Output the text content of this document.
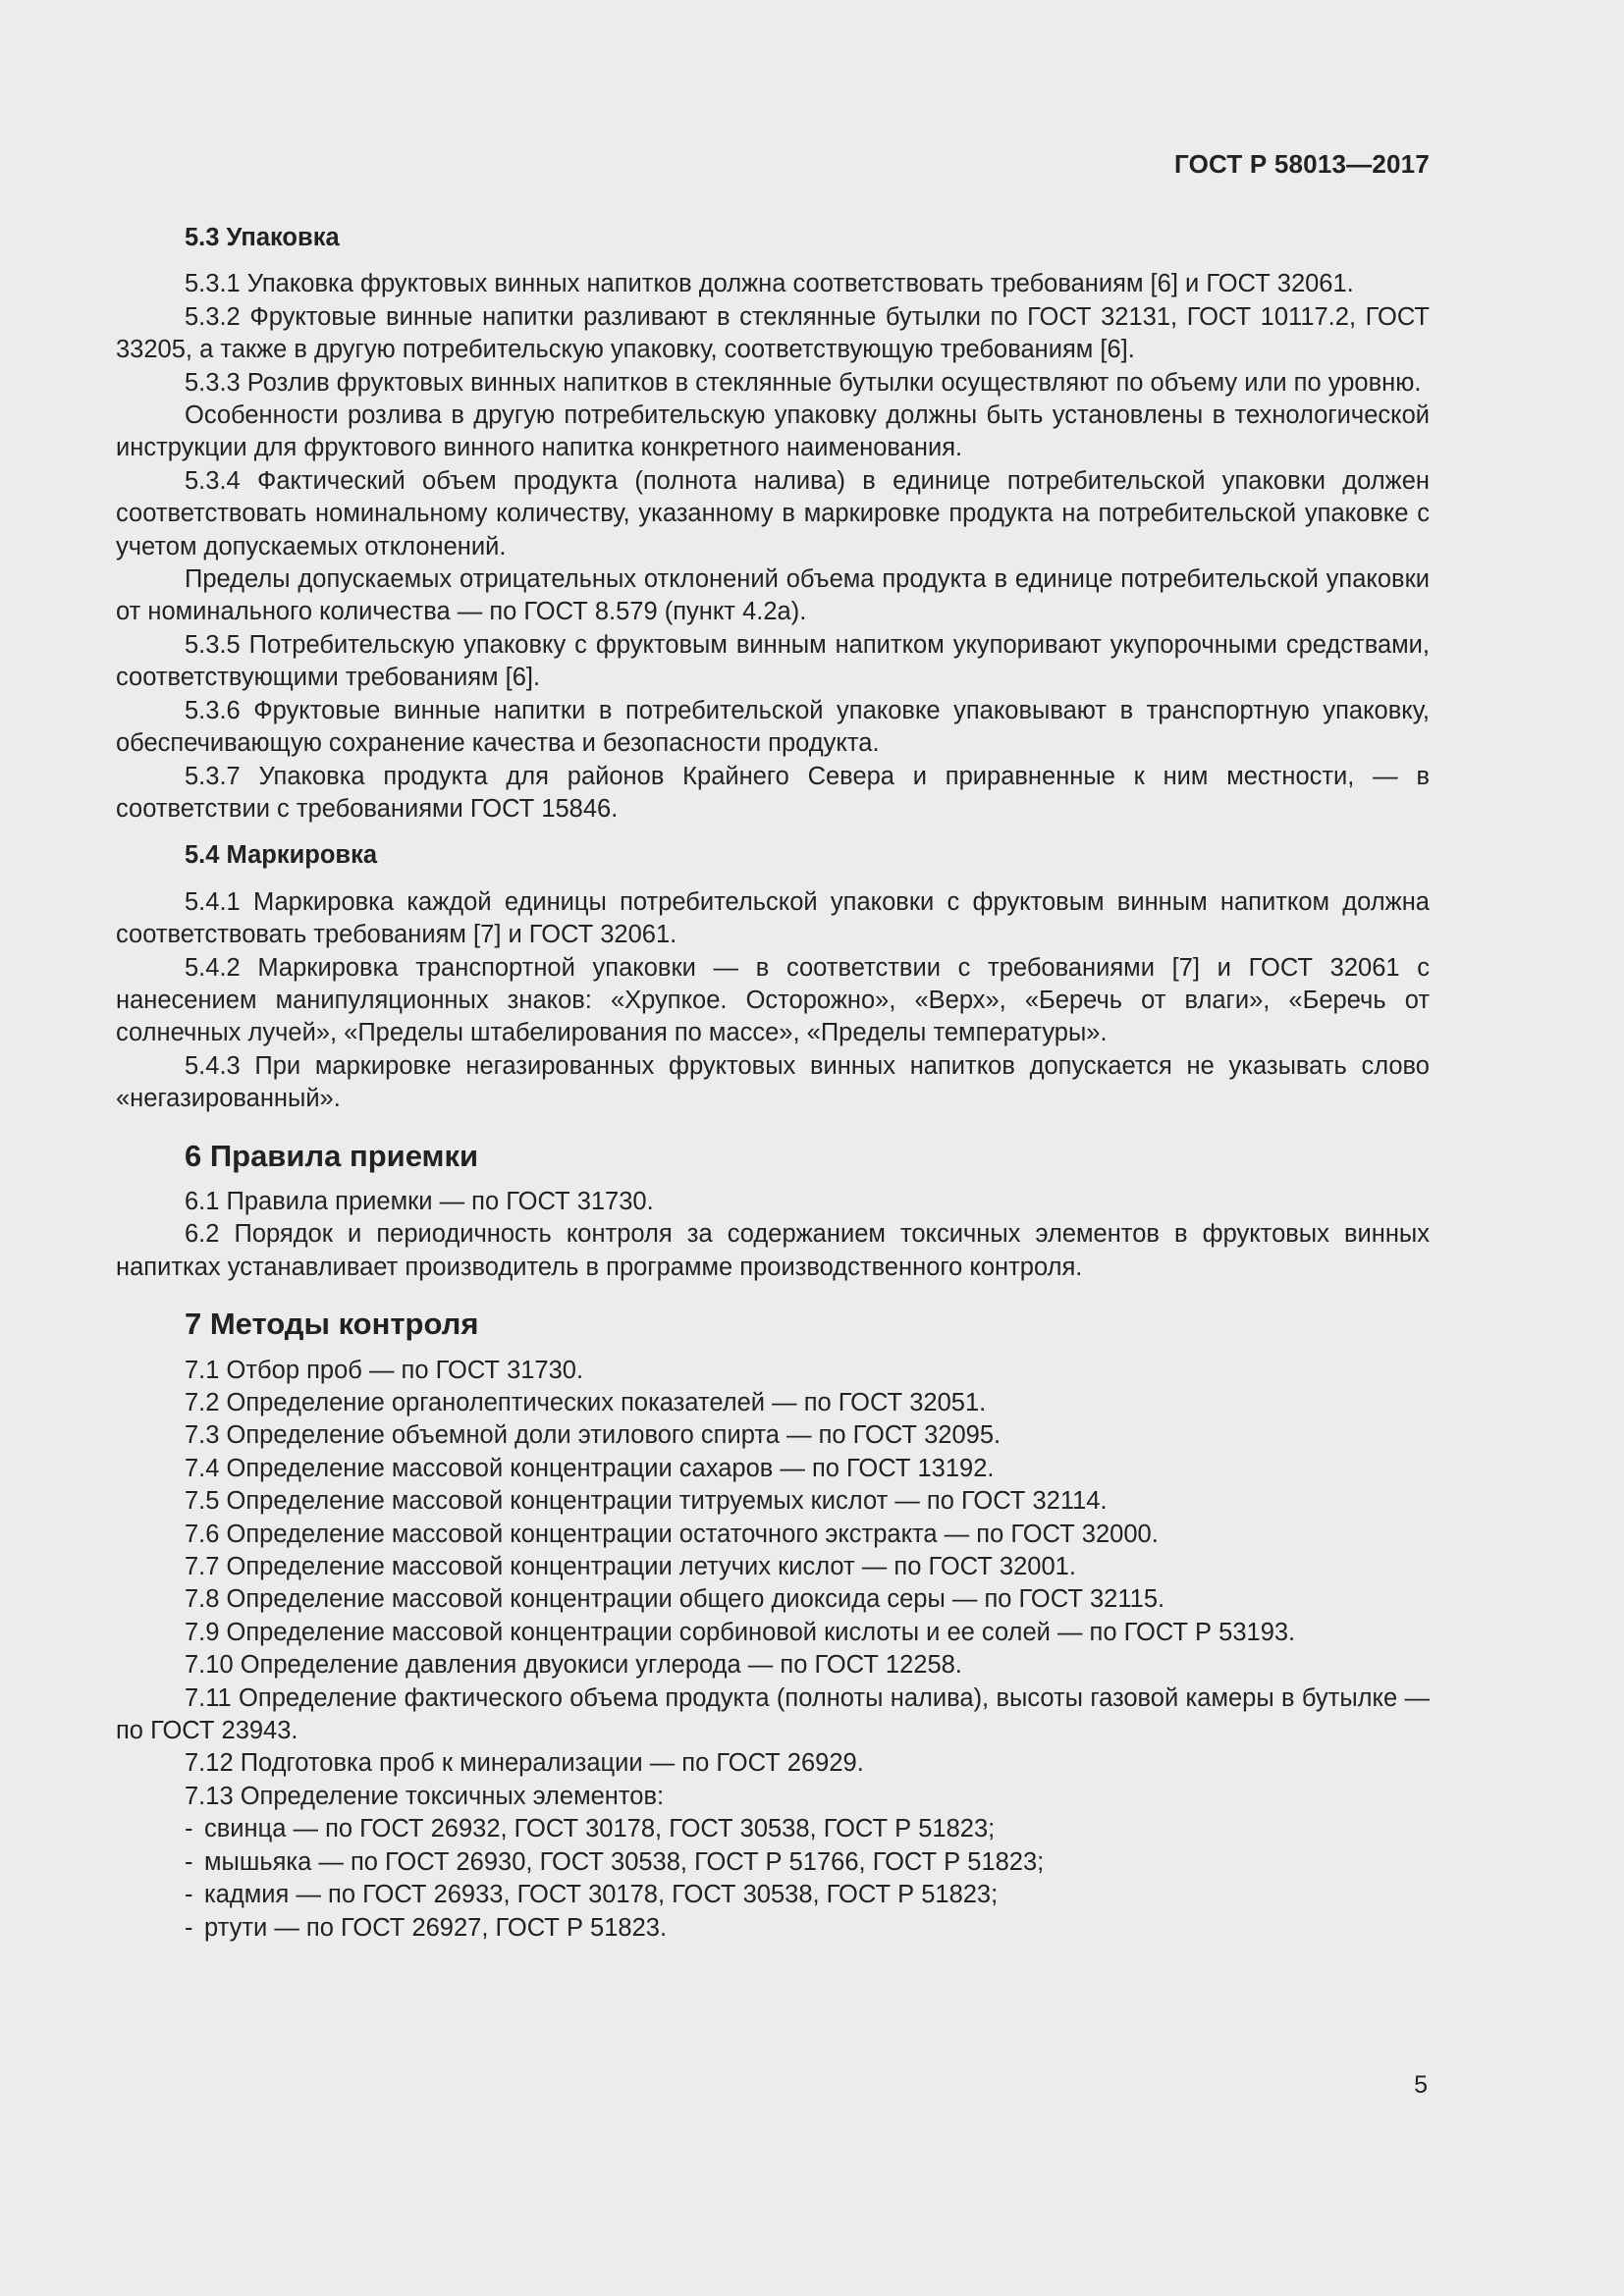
ГОСТ Р 58013—2017
5.3 Упаковка

5.3.1 Упаковка фруктовых винных напитков должна соответствовать требованиям [6] и ГОСТ 32061.

5.3.2 Фруктовые винные напитки разливают в стеклянные бутылки по ГОСТ 32131, ГОСТ 10117.2, ГОСТ 33205, а также в другую потребительскую упаковку, соответствующую требованиям [6].

5.3.3 Розлив фруктовых винных напитков в стеклянные бутылки осуществляют по объему или по уровню.

Особенности розлива в другую потребительскую упаковку должны быть установлены в технологической инструкции для фруктового винного напитка конкретного наименования.

5.3.4 Фактический объем продукта (полнота налива) в единице потребительской упаковки должен соответствовать номинальному количеству, указанному в маркировке продукта на потребительской упаковке с учетом допускаемых отклонений.

Пределы допускаемых отрицательных отклонений объема продукта в единице потребительской упаковки от номинального количества — по ГОСТ 8.579 (пункт 4.2а).

5.3.5 Потребительскую упаковку с фруктовым винным напитком укупоривают укупорочными средствами, соответствующими требованиям [6].

5.3.6 Фруктовые винные напитки в потребительской упаковке упаковывают в транспортную упаковку, обеспечивающую сохранение качества и безопасности продукта.

5.3.7 Упаковка продукта для районов Крайнего Севера и приравненные к ним местности, — в соответствии с требованиями ГОСТ 15846.

5.4 Маркировка

5.4.1 Маркировка каждой единицы потребительской упаковки с фруктовым винным напитком должна соответствовать требованиям [7] и ГОСТ 32061.

5.4.2 Маркировка транспортной упаковки — в соответствии с требованиями [7] и ГОСТ 32061 с нанесением манипуляционных знаков: «Хрупкое. Осторожно», «Верх», «Беречь от влаги», «Беречь от солнечных лучей», «Пределы штабелирования по массе», «Пределы температуры».

5.4.3 При маркировке негазированных фруктовых винных напитков допускается не указывать слово «негазированный».

6 Правила приемки

6.1 Правила приемки — по ГОСТ 31730.

6.2 Порядок и периодичность контроля за содержанием токсичных элементов в фруктовых винных напитках устанавливает производитель в программе производственного контроля.

7 Методы контроля

7.1 Отбор проб — по ГОСТ 31730.

7.2 Определение органолептических показателей — по ГОСТ 32051.

7.3 Определение объемной доли этилового спирта — по ГОСТ 32095.

7.4 Определение массовой концентрации сахаров — по ГОСТ 13192.

7.5 Определение массовой концентрации титруемых кислот — по ГОСТ 32114.

7.6 Определение массовой концентрации остаточного экстракта — по ГОСТ 32000.

7.7 Определение массовой концентрации летучих кислот — по ГОСТ 32001.

7.8 Определение массовой концентрации общего диоксида серы — по ГОСТ 32115.

7.9 Определение массовой концентрации сорбиновой кислоты и ее солей — по ГОСТ Р 53193.

7.10 Определение давления двуокиси углерода — по ГОСТ 12258.

7.11 Определение фактического объема продукта (полноты налива), высоты газовой камеры в бутылке — по ГОСТ 23943.

7.12 Подготовка проб к минерализации — по ГОСТ 26929.

7.13 Определение токсичных элементов:

- свинца — по ГОСТ 26932, ГОСТ 30178, ГОСТ 30538, ГОСТ Р 51823;
- мышьяка — по ГОСТ 26930, ГОСТ 30538, ГОСТ Р 51766, ГОСТ Р 51823;
- кадмия — по ГОСТ 26933, ГОСТ 30178, ГОСТ 30538, ГОСТ Р 51823;
- ртути — по ГОСТ 26927, ГОСТ Р 51823.
5
